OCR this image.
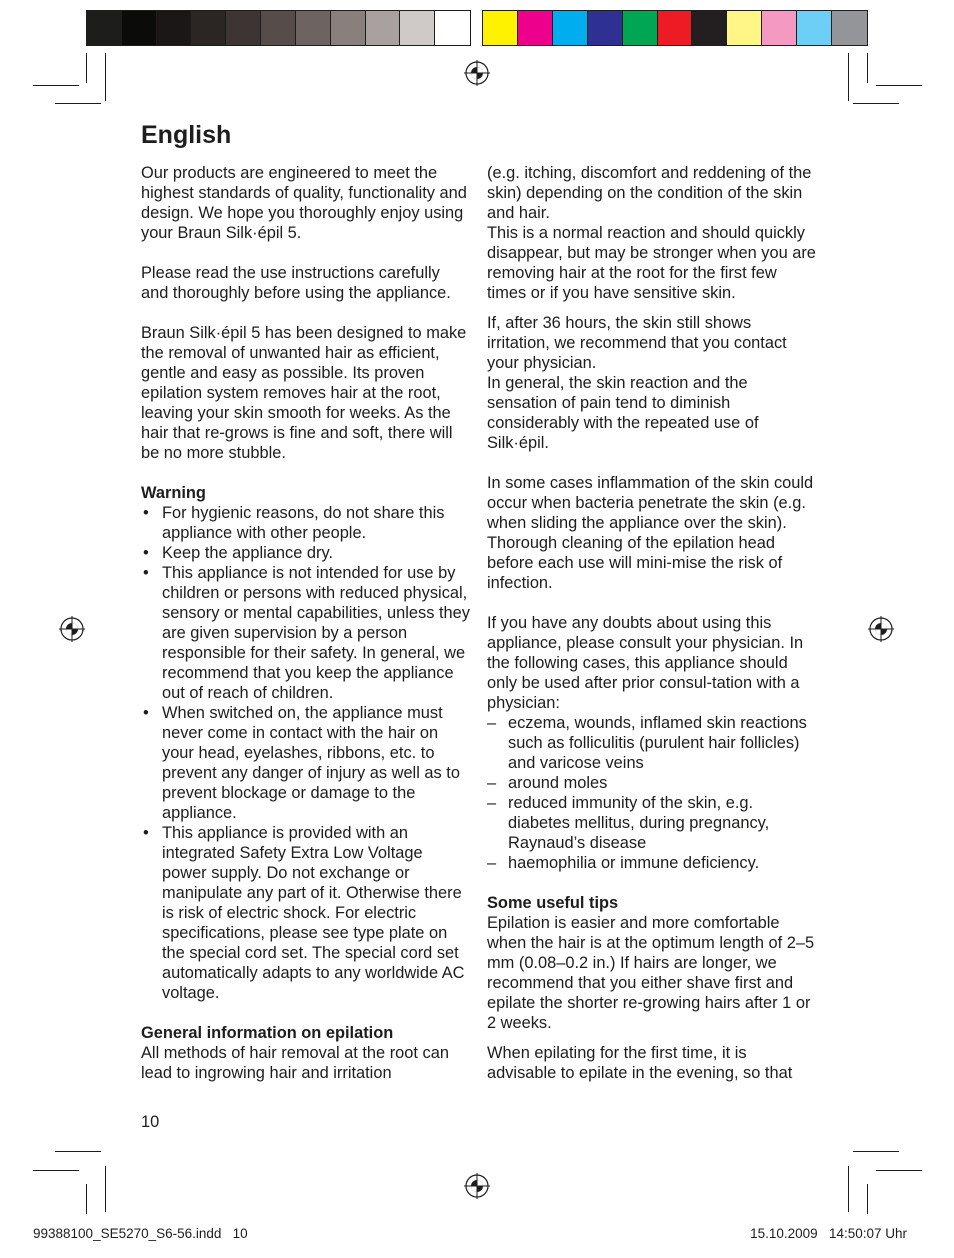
English

Our products are engineered to meet the highest standards of quality, functionality and design. We hope you thoroughly enjoy using your Braun Silk·épil 5.

Please read the use instructions carefully and thoroughly before using the appliance.

Braun Silk·épil 5 has been designed to make the removal of unwanted hair as efficient, gentle and easy as possible. Its proven epilation system removes hair at the root, leaving your skin smooth for weeks. As the hair that re-grows is fine and soft, there will be no more stubble.

Warning

• For hygienic reasons, do not share this appliance with other people.
• Keep the appliance dry.
• This appliance is not intended for use by children or persons with reduced physical, sensory or mental capabilities, unless they are given supervision by a person responsible for their safety. In general, we recommend that you keep the appliance out of reach of children.
• When switched on, the appliance must never come in contact with the hair on your head, eyelashes, ribbons, etc. to prevent any danger of injury as well as to prevent blockage or damage to the appliance.
• This appliance is provided with an integrated Safety Extra Low Voltage power supply. Do not exchange or manipulate any part of it. Otherwise there is risk of electric shock. For electric specifications, please see type plate on the special cord set. The special cord set automatically adapts to any worldwide AC voltage.

General information on epilation

All methods of hair removal at the root can lead to ingrowing hair and irritation

(e.g. itching, discomfort and reddening of the skin) depending on the condition of the skin and hair.

This is a normal reaction and should quickly disappear, but may be stronger when you are removing hair at the root for the first few times or if you have sensitive skin.

If, after 36 hours, the skin still shows irritation, we recommend that you contact your physician.

In general, the skin reaction and the sensation of pain tend to diminish considerably with the repeated use of Silk·épil.

In some cases inflammation of the skin could occur when bacteria penetrate the skin (e.g. when sliding the appliance over the skin). Thorough cleaning of the epilation head before each use will mini-mise the risk of infection.

If you have any doubts about using this appliance, please consult your physician. In the following cases, this appliance should only be used after prior consul-tation with a physician:

– eczema, wounds, inflamed skin reactions such as folliculitis (purulent hair follicles) and varicose veins
– around moles
– reduced immunity of the skin, e.g. diabetes mellitus, during pregnancy, Raynaud’s disease
– haemophilia or immune deficiency.

Some useful tips

Epilation is easier and more comfortable when the hair is at the optimum length of 2–5 mm (0.08–0.2 in.) If hairs are longer, we recommend that you either shave first and epilate the shorter re-growing hairs after 1 or 2 weeks.

When epilating for the first time, it is advisable to epilate in the evening, so that

10
99388100_SE5270_S6-56.indd   10	15.10.2009   14:50:07 Uhr
